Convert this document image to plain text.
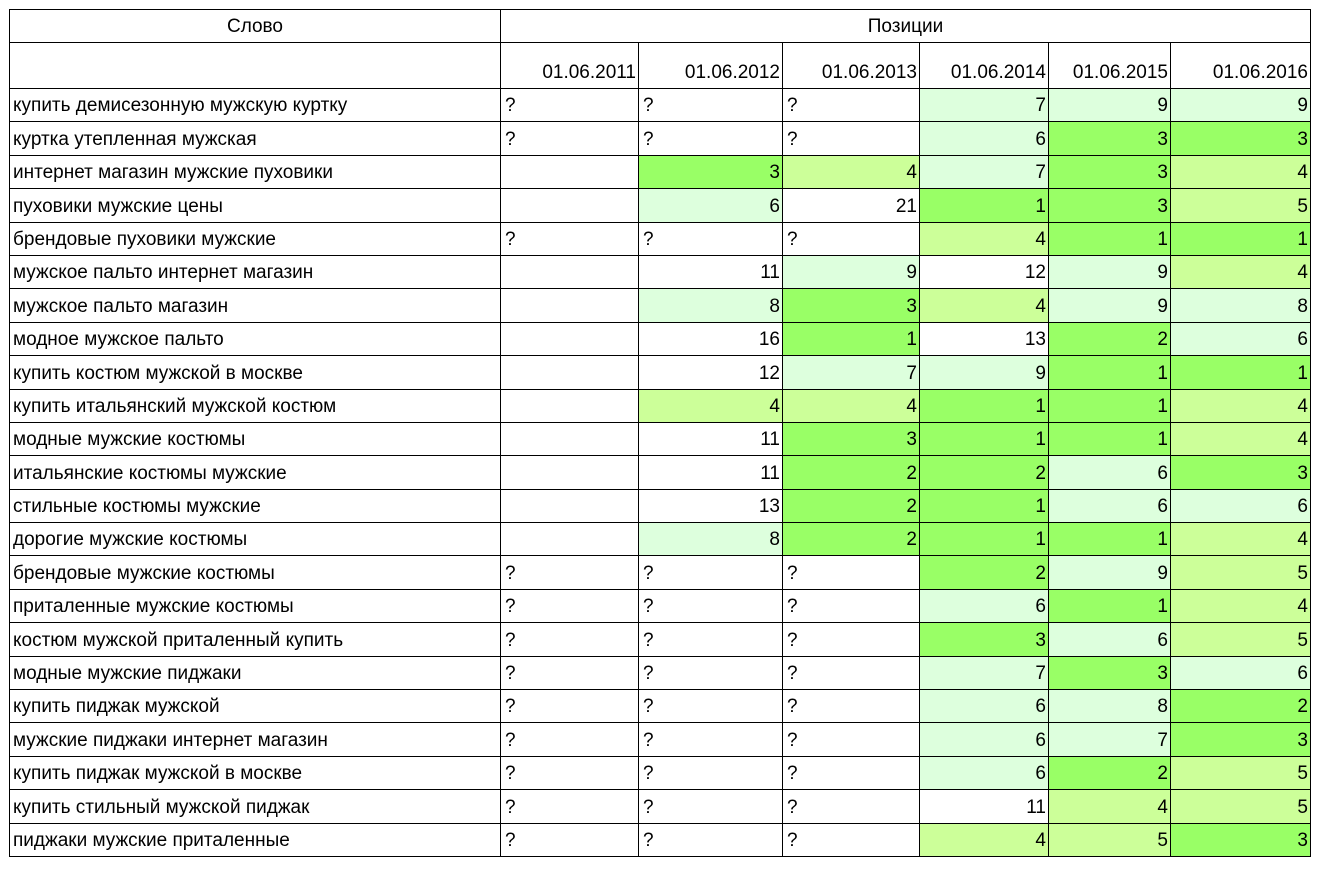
Слово	Позиции					
	01.06.2011	01.06.2012	01.06.2013	01.06.2014	01.06.2015	01.06.2016
купить демисезонную мужскую куртку	?	?	?	7	9	9
куртка утепленная мужская	?	?	?	6	3	3
интернет магазин мужские пуховики		3	4	7	3	4
пуховики мужские цены		6	21	1	3	5
брендовые пуховики мужские	?	?	?	4	1	1
мужское пальто интернет магазин		11	9	12	9	4
мужское пальто магазин		8	3	4	9	8
модное мужское пальто		16	1	13	2	6
купить костюм мужской в москве		12	7	9	1	1
купить итальянский мужской костюм		4	4	1	1	4
модные мужские костюмы		11	3	1	1	4
итальянские костюмы мужские		11	2	2	6	3
стильные костюмы мужские		13	2	1	6	6
дорогие мужские костюмы		8	2	1	1	4
брендовые мужские костюмы	?	?	?	2	9	5
приталенные мужские костюмы	?	?	?	6	1	4
костюм мужской приталенный купить	?	?	?	3	6	5
модные мужские пиджаки	?	?	?	7	3	6
купить пиджак мужской	?	?	?	6	8	2
мужские пиджаки интернет магазин	?	?	?	6	7	3
купить пиджак мужской в москве	?	?	?	6	2	5
купить стильный мужской пиджак	?	?	?	11	4	5
пиджаки мужские приталенные	?	?	?	4	5	3
